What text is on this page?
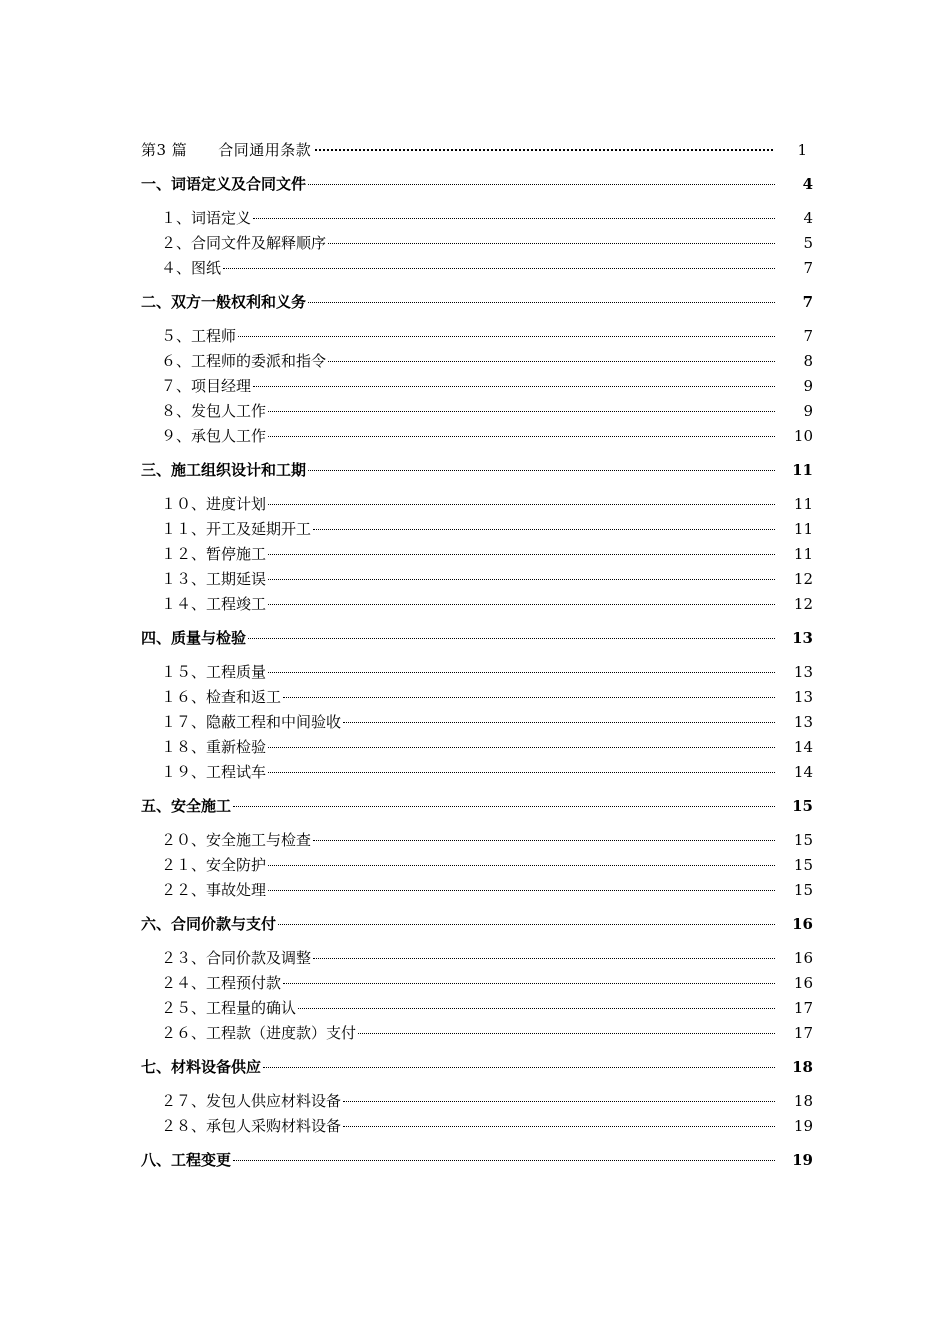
第3 篇　　合同通用条款	1
一、词语定义及合同文件	4
１、词语定义	4
２、合同文件及解释顺序	5
４、图纸	7
二、双方一般权利和义务	7
５、工程师	7
６、工程师的委派和指令	8
７、项目经理	9
８、发包人工作	9
９、承包人工作	10
三、施工组织设计和工期	11
１０、进度计划	11
１１、开工及延期开工	11
１２、暂停施工	11
１３、工期延误	12
１４、工程竣工	12
四、质量与检验	13
１５、工程质量	13
１６、检查和返工	13
１７、隐蔽工程和中间验收	13
１８、重新检验	14
１９、工程试车	14
五、安全施工	15
２０、安全施工与检查	15
２１、安全防护	15
２２、事故处理	15
六、合同价款与支付	16
２３、合同价款及调整	16
２４、工程预付款	16
２５、工程量的确认	17
２６、工程款（进度款）支付	17
七、材料设备供应	18
２７、发包人供应材料设备	18
２８、承包人采购材料设备	19
八、工程变更	19
